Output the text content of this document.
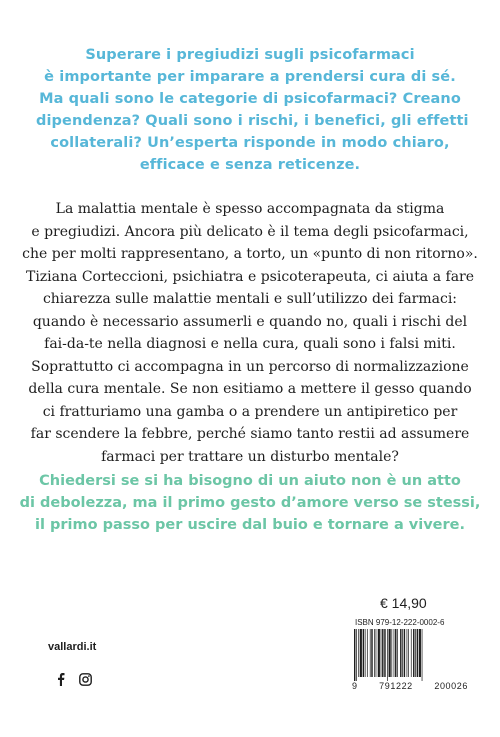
Superare i pregiudizi sugli psicofarmaci
è importante per imparare a prendersi cura di sé.
Ma quali sono le categorie di psicofarmaci? Creano
dipendenza? Quali sono i rischi, i benefici, gli effetti
collaterali? Un’esperta risponde in modo chiaro,
efficace e senza reticenze.
La malattia mentale è spesso accompagnata da stigma
e pregiudizi. Ancora più delicato è il tema degli psicofarmaci,
che per molti rappresentano, a torto, un «punto di non ritorno».
Tiziana Corteccioni, psichiatra e psicoterapeuta, ci aiuta a fare
chiarezza sulle malattie mentali e sull’utilizzo dei farmaci:
quando è necessario assumerli e quando no, quali i rischi del
fai-da-te nella diagnosi e nella cura, quali sono i falsi miti.
Soprattutto ci accompagna in un percorso di normalizzazione
della cura mentale. Se non esitiamo a mettere il gesso quando
ci fratturiamo una gamba o a prendere un antipiretico per
far scendere la febbre, perché siamo tanto restii ad assumere
farmaci per trattare un disturbo mentale?
Chiedersi se si ha bisogno di un aiuto non è un atto
di debolezza, ma il primo gesto d’amore verso se stessi,
il primo passo per uscire dal buio e tornare a vivere.
€ 14,90
ISBN 979-12-222-0002-6
9 791222 200026
vallardi.it
